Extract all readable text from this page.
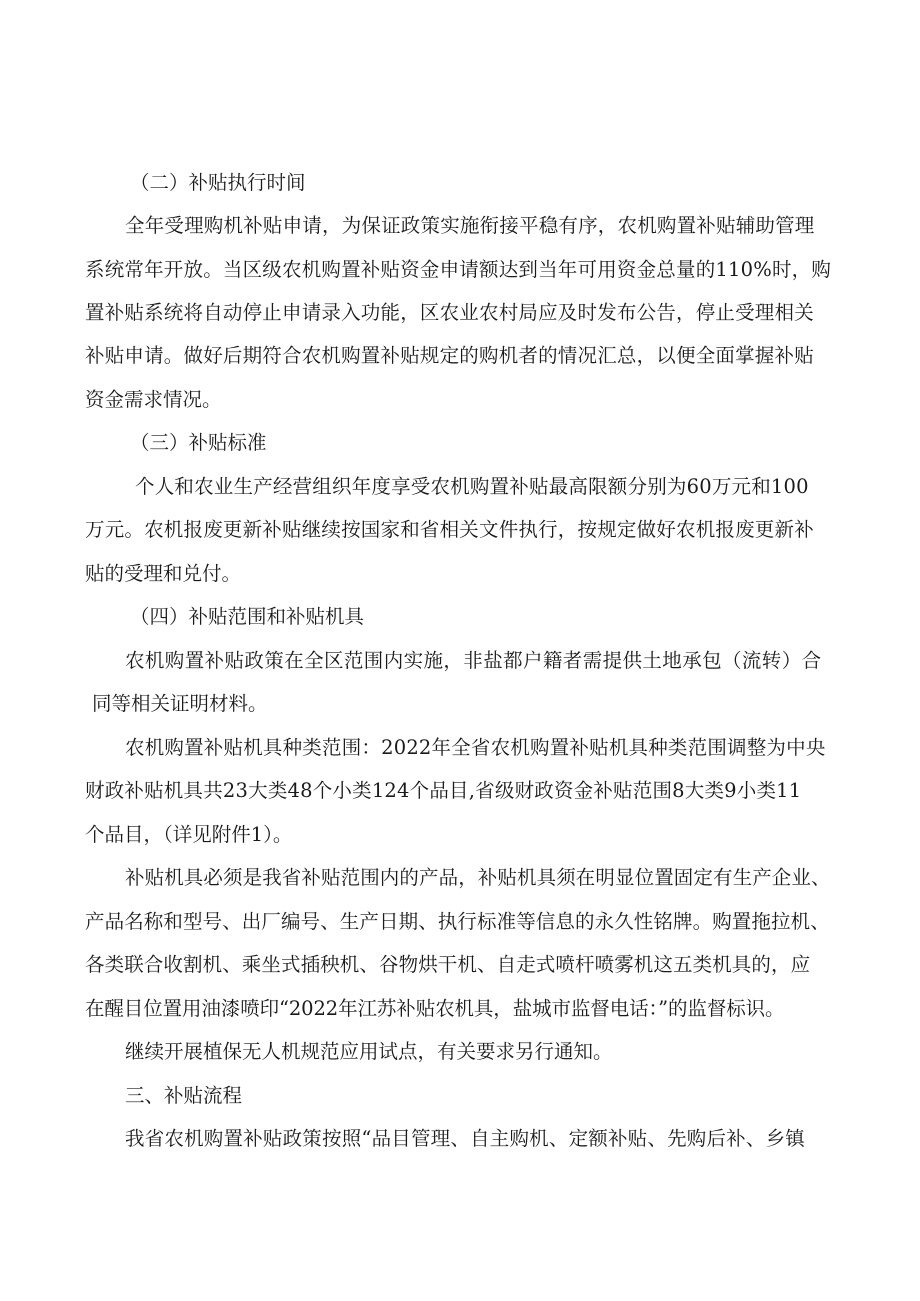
（二）补贴执行时间

全年受理购机补贴申请，为保证政策实施衔接平稳有序，农机购置补贴辅助管理

系统常年开放。当区级农机购置补贴资金申请额达到当年可用资金总量的110%时，购

置补贴系统将自动停止申请录入功能，区农业农村局应及时发布公告，停止受理相关

补贴申请。做好后期符合农机购置补贴规定的购机者的情况汇总，以便全面掌握补贴

资金需求情况。

（三）补贴标准

个人和农业生产经营组织年度享受农机购置补贴最高限额分别为60万元和100

万元。农机报废更新补贴继续按国家和省相关文件执行，按规定做好农机报废更新补

贴的受理和兑付。

（四）补贴范围和补贴机具

农机购置补贴政策在全区范围内实施，非盐都户籍者需提供土地承包（流转）合

同等相关证明材料。

农机购置补贴机具种类范围：2022年全省农机购置补贴机具种类范围调整为中央

财政补贴机具共23大类48个小类124个品目,省级财政资金补贴范围8大类9小类11

个品目，（详见附件1）。

补贴机具必须是我省补贴范围内的产品，补贴机具须在明显位置固定有生产企业、

产品名称和型号、出厂编号、生产日期、执行标准等信息的永久性铭牌。购置拖拉机、

各类联合收割机、乘坐式插秧机、谷物烘干机、自走式喷杆喷雾机这五类机具的，应

在醒目位置用油漆喷印“2022年江苏补贴农机具，盐城市监督电话：”的监督标识。

继续开展植保无人机规范应用试点，有关要求另行通知。

三、补贴流程

我省农机购置补贴政策按照“品目管理、自主购机、定额补贴、先购后补、乡镇
